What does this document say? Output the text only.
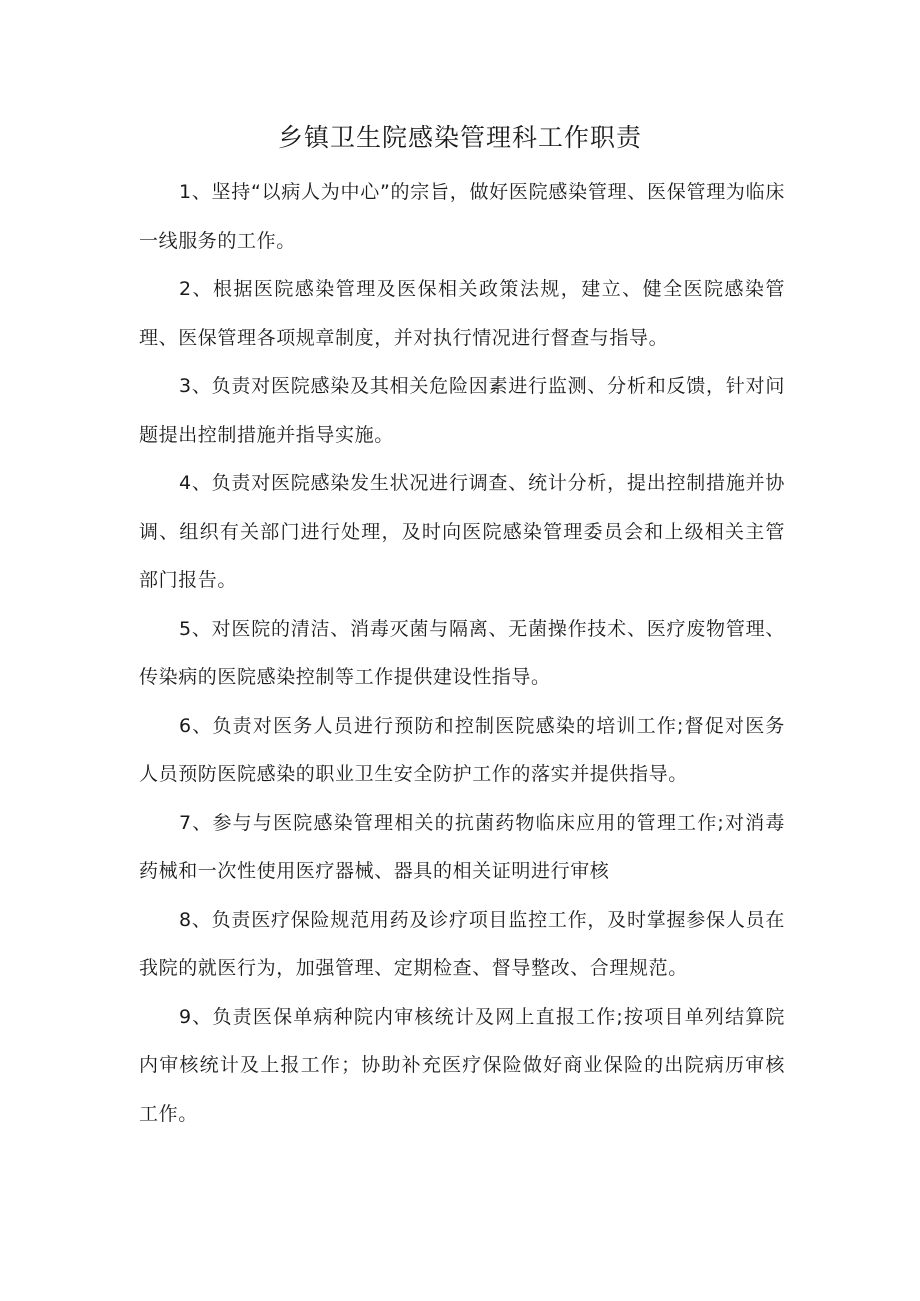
乡镇卫生院感染管理科工作职责

1、坚持“以病人为中心”的宗旨，做好医院感染管理、医保管理为临床一线服务的工作。

2、根据医院感染管理及医保相关政策法规，建立、健全医院感染管理、医保管理各项规章制度，并对执行情况进行督查与指导。

3、负责对医院感染及其相关危险因素进行监测、分析和反馈，针对问题提出控制措施并指导实施。

4、负责对医院感染发生状况进行调查、统计分析，提出控制措施并协调、组织有关部门进行处理，及时向医院感染管理委员会和上级相关主管部门报告。

5、对医院的清洁、消毒灭菌与隔离、无菌操作技术、医疗废物管理、传染病的医院感染控制等工作提供建设性指导。

6、负责对医务人员进行预防和控制医院感染的培训工作;督促对医务人员预防医院感染的职业卫生安全防护工作的落实并提供指导。

7、参与与医院感染管理相关的抗菌药物临床应用的管理工作;对消毒药械和一次性使用医疗器械、器具的相关证明进行审核

8、负责医疗保险规范用药及诊疗项目监控工作，及时掌握参保人员在我院的就医行为，加强管理、定期检查、督导整改、合理规范。

9、负责医保单病种院内审核统计及网上直报工作;按项目单列结算院内审核统计及上报工作；协助补充医疗保险做好商业保险的出院病历审核工作。
